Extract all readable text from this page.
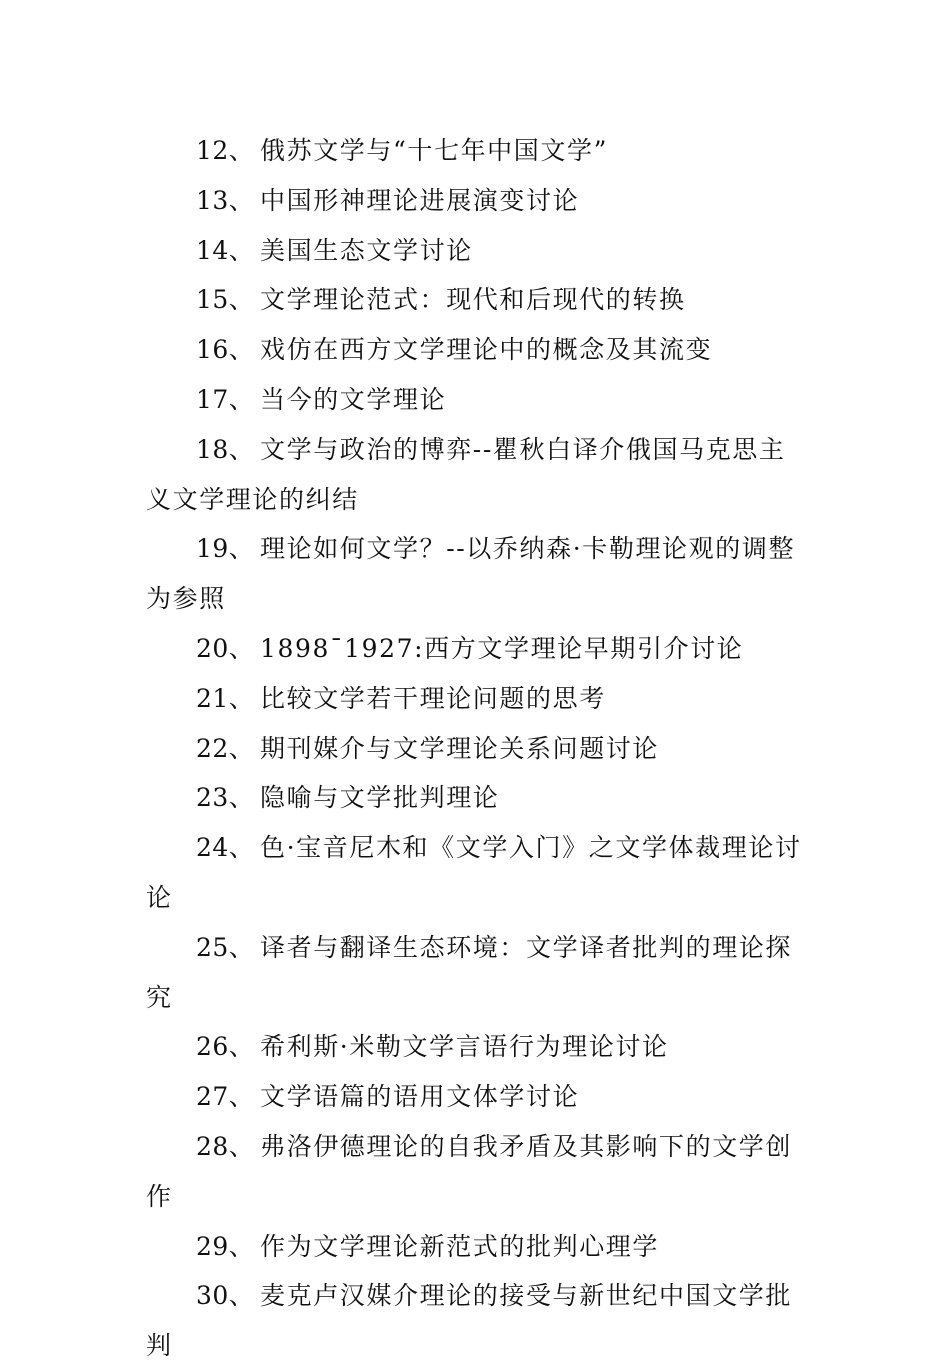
12、 俄苏文学与“十七年中国文学”

13、 中国形神理论进展演变讨论

14、 美国生态文学讨论

15、 文学理论范式：现代和后现代的转换

16、 戏仿在西方文学理论中的概念及其流变

17、 当今的文学理论

18、 文学与政治的博弈--瞿秋白译介俄国马克思主义文学理论的纠结

19、 理论如何文学？--以乔纳森·卡勒理论观的调整为参照

20、 1898¯1927:西方文学理论早期引介讨论

21、 比较文学若干理论问题的思考

22、 期刊媒介与文学理论关系问题讨论

23、 隐喻与文学批判理论

24、 色·宝音尼木和《文学入门》之文学体裁理论讨论

25、 译者与翻译生态环境：文学译者批判的理论探究

26、 希利斯·米勒文学言语行为理论讨论

27、 文学语篇的语用文体学讨论

28、 弗洛伊德理论的自我矛盾及其影响下的文学创作

29、 作为文学理论新范式的批判心理学

30、 麦克卢汉媒介理论的接受与新世纪中国文学批判
